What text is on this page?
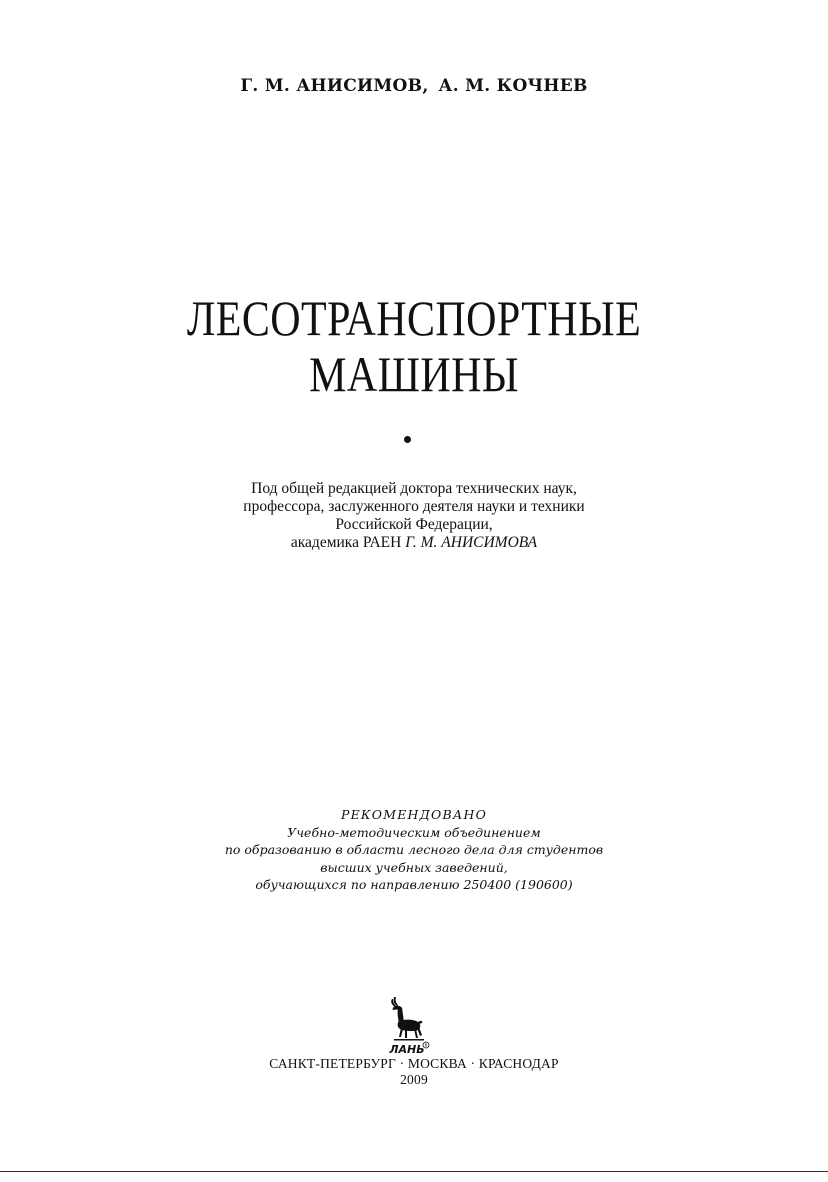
Г. М. АНИСИМОВ, А. М. КОЧНЕВ
ЛЕСОТРАНСПОРТНЫЕ
МАШИНЫ
Под общей редакцией доктора технических наук,
профессора, заслуженного деятеля науки и техники
Российской Федерации,
академика РАЕН Г. М. АНИСИМОВА
РЕКОМЕНДОВАНО
Учебно-методическим объединением
по образованию в области лесного дела для студентов
высших учебных заведений,
обучающихся по направлению 250400 (190600)
ЛАНЬ R
САНКТ-ПЕТЕРБУРГ · МОСКВА · КРАСНОДАР
2009
